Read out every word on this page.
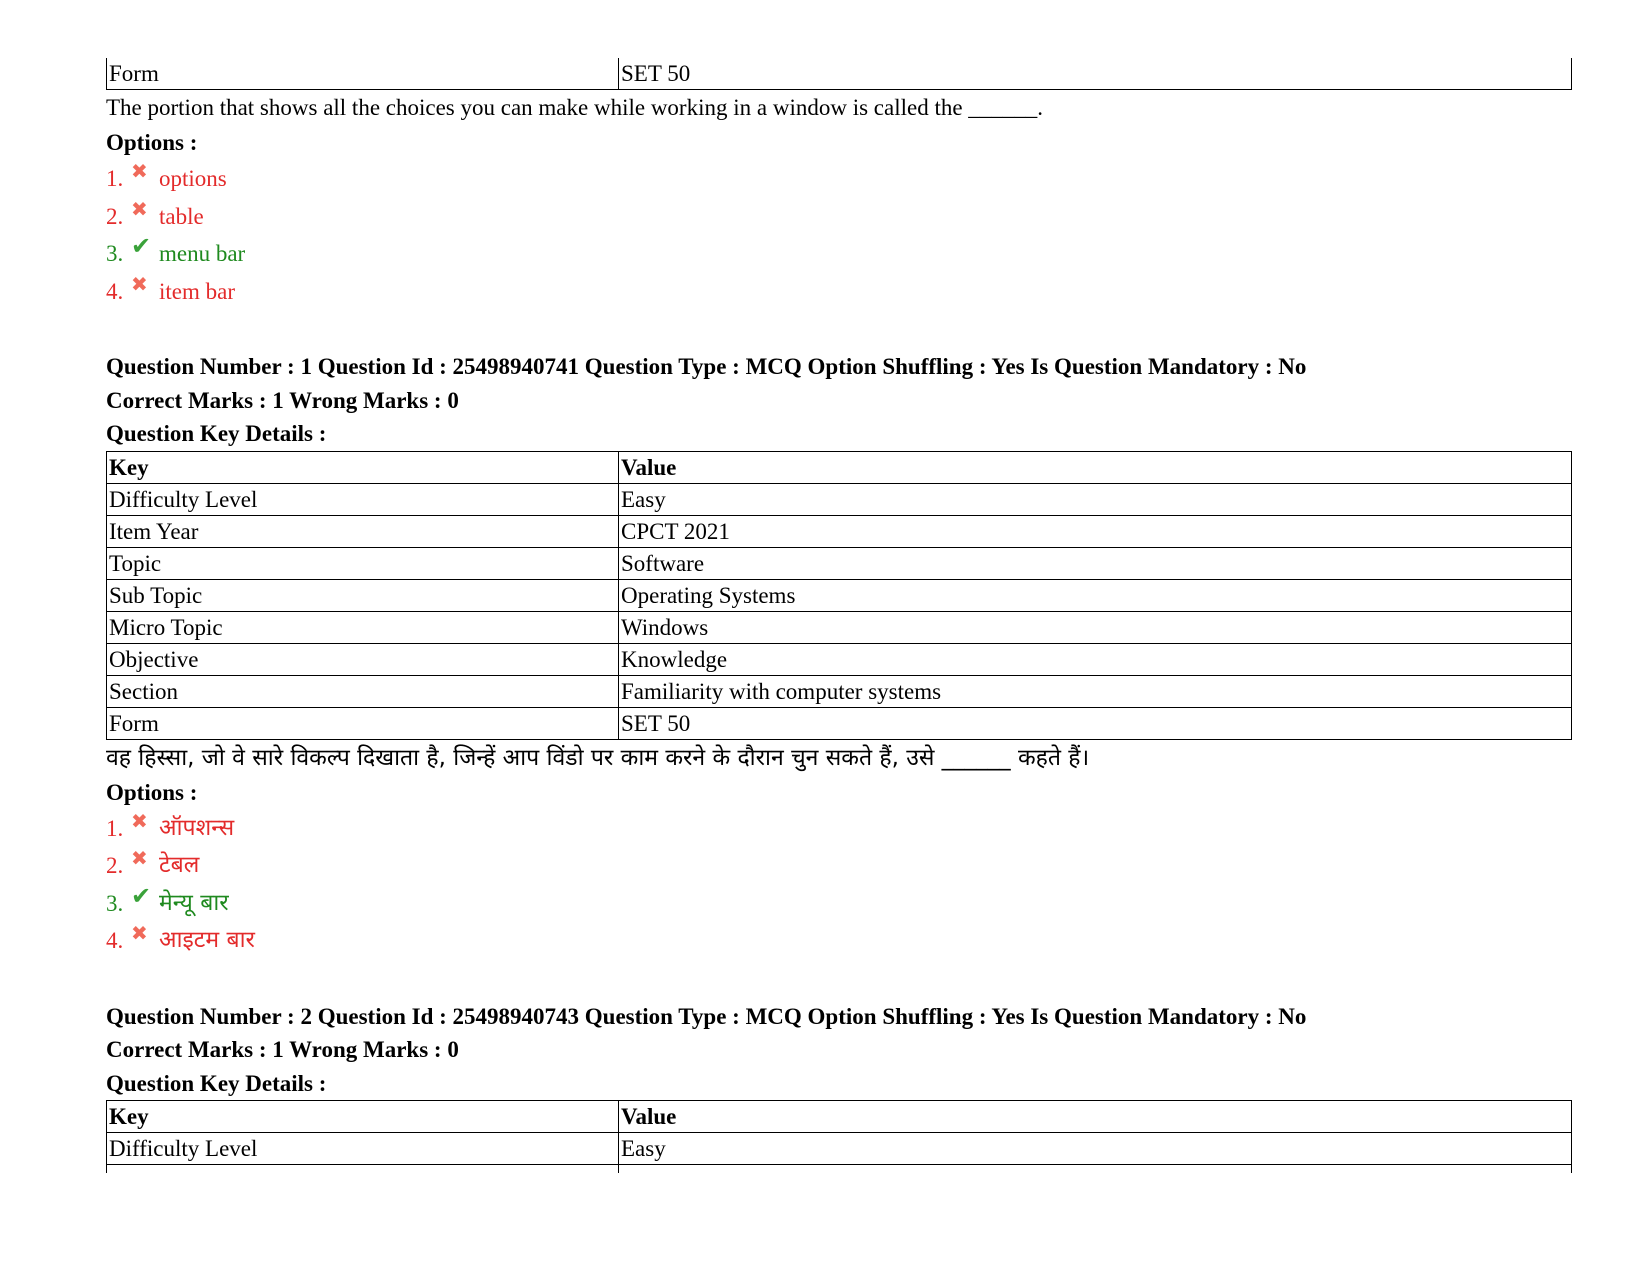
Form	SET 50

The portion that shows all the choices you can make while working in a window is called the ______.

Options :

1. ✖ options
2. ✖ table
3. ✔ menu bar
4. ✖ item bar

Question Number : 1 Question Id : 25498940741 Question Type : MCQ Option Shuffling : Yes Is Question Mandatory : No

Correct Marks : 1 Wrong Marks : 0

Question Key Details :

Key	Value
Difficulty Level	Easy
Item Year	CPCT 2021
Topic	Software
Sub Topic	Operating Systems
Micro Topic	Windows
Objective	Knowledge
Section	Familiarity with computer systems
Form	SET 50

वह हिस्सा, जो वे सारे विकल्प दिखाता है, जिन्हें आप विंडो पर काम करने के दौरान चुन सकते हैं, उसे ______ कहते हैं।

Options :

1. ✖ ऑपशन्स
2. ✖ टेबल
3. ✔ मेन्यू बार
4. ✖ आइटम बार

Question Number : 2 Question Id : 25498940743 Question Type : MCQ Option Shuffling : Yes Is Question Mandatory : No

Correct Marks : 1 Wrong Marks : 0

Question Key Details :

Key	Value
Difficulty Level	Easy
